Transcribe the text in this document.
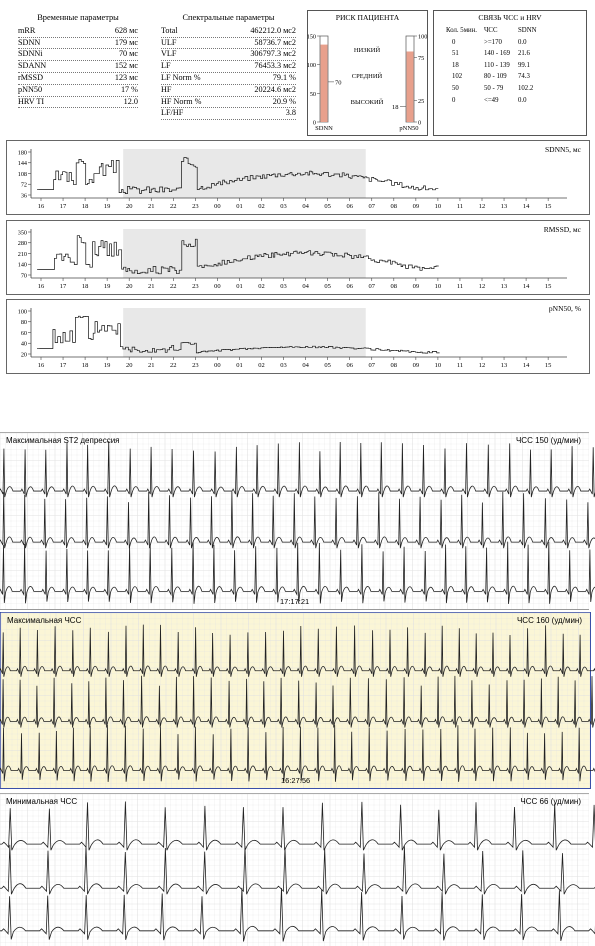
Временные параметры
mRR	628 мс
SDNN	179 мс
SDNNi	70 мс
SDANN	152 мс
rMSSD	123 мс
pNN50	17 %
HRV TI	12.0
Спектральные параметры
Total	462212.0 мс2
ULF	58736.7 мс2
VLF	306797.3 мс2
LF	76453.3 мс2
LF Norm %	79.1 %
HF	20224.6 мс2
HF Norm %	20.9 %
LF/HF	3.8
РИСК ПАЦИЕНТА
150
100
50
0
100
75
25
0
70
18
НИЗКИЙ
СРЕДНИЙ
ВЫСОКИЙ
SDNN	pNN50
СВЯЗЬ ЧСС и HRV
Кол. 5мин.	ЧСС	SDNN
0	>=170	0.0
51	140 - 169	21.6
18	110 - 139	99.1
102	80 - 109	74.3
50	50 - 79	102.2
0	<=49	0.0
180
144
108
72
36
16 17 18 19 20 21 22 23 00 01 02 03 04 05 06 07 08 09 10 11 12 13 14 15
SDNN5, мс
350
280
210
140
70
16 17 18 19 20 21 22 23 00 01 02 03 04 05 06 07 08 09 10 11 12 13 14 15
RMSSD, мс
100
80
60
40
20
16 17 18 19 20 21 22 23 00 01 02 03 04 05 06 07 08 09 10 11 12 13 14 15
pNN50, %
Максимальная ST2 депрессия	ЧСС 150 (уд/мин)
17:17:21
Максимальная ЧСС	ЧСС 160 (уд/мин)
16:27:56
Минимальная ЧСС	ЧСС 66 (уд/мин)
